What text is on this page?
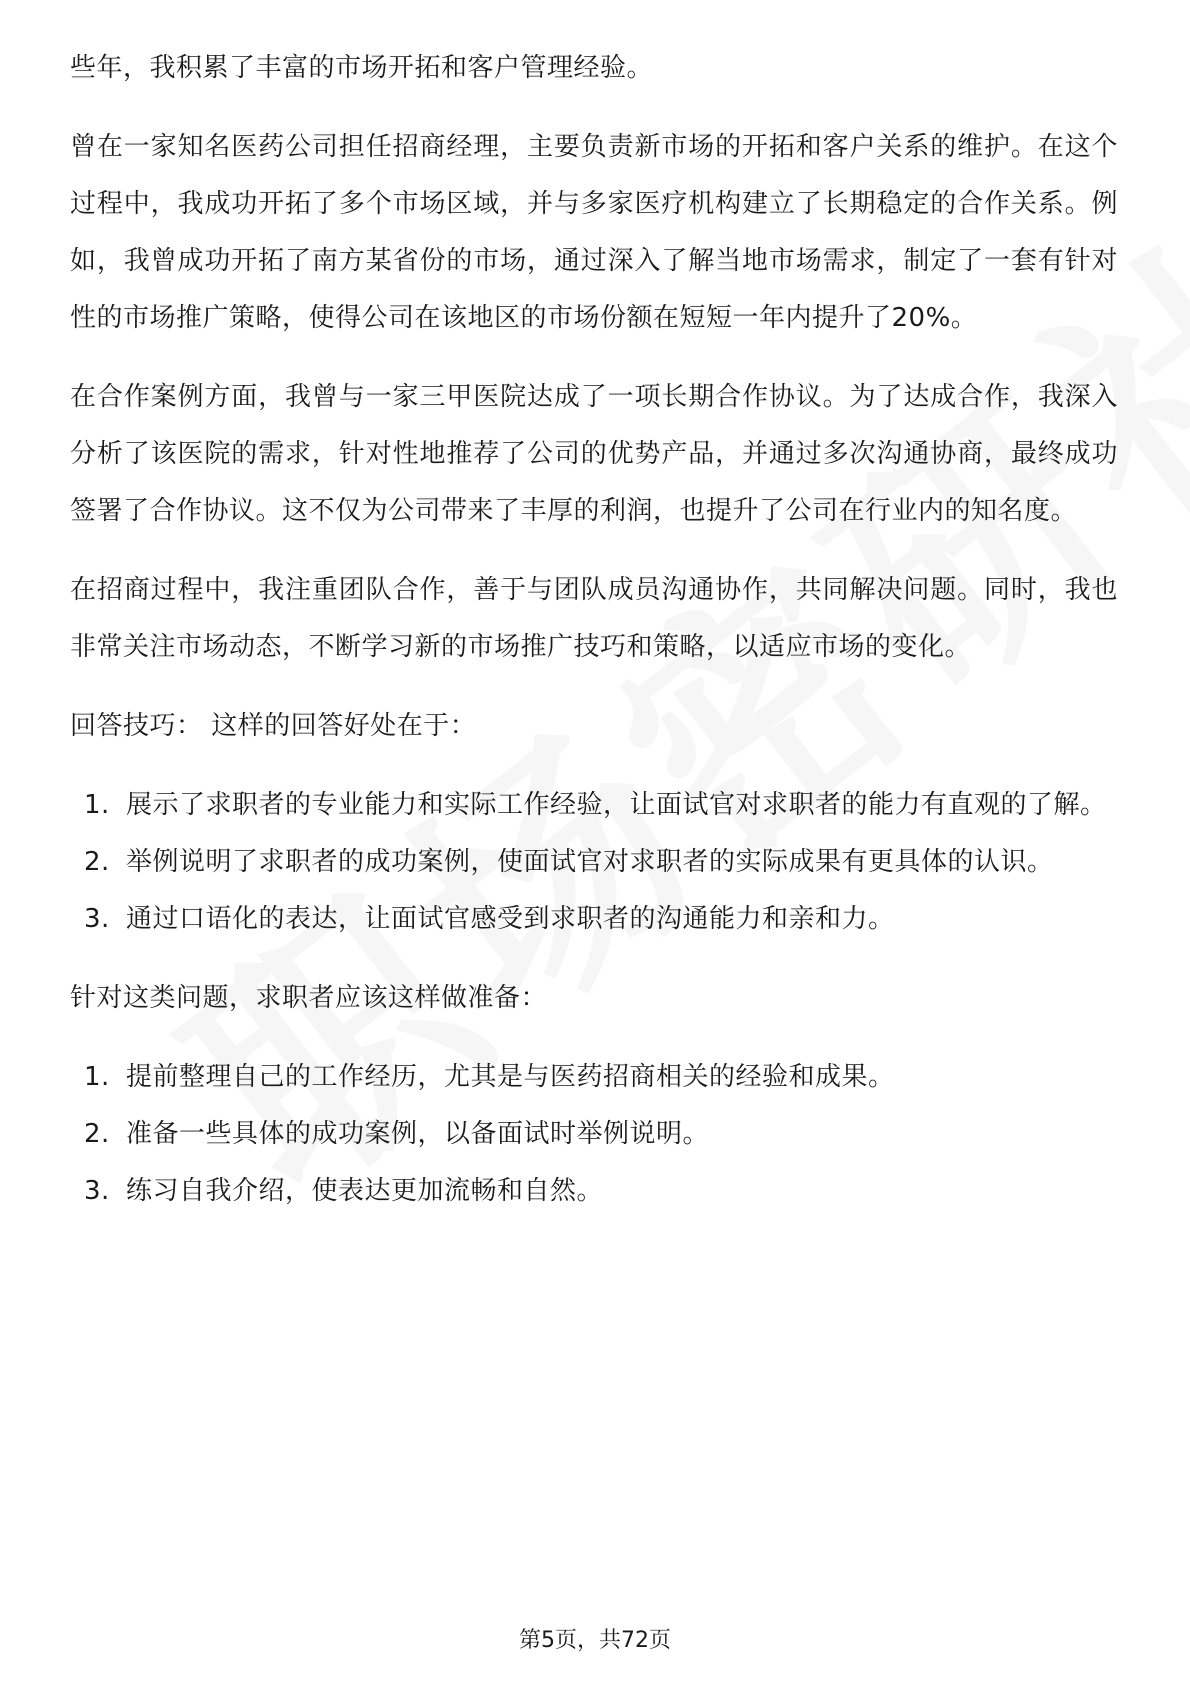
些年，我积累了丰富的市场开拓和客户管理经验。

曾在一家知名医药公司担任招商经理，主要负责新市场的开拓和客户关系的维护。在这个过程中，我成功开拓了多个市场区域，并与多家医疗机构建立了长期稳定的合作关系。例如，我曾成功开拓了南方某省份的市场，通过深入了解当地市场需求，制定了一套有针对性的市场推广策略，使得公司在该地区的市场份额在短短一年内提升了20%。

在合作案例方面，我曾与一家三甲医院达成了一项长期合作协议。为了达成合作，我深入分析了该医院的需求，针对性地推荐了公司的优势产品，并通过多次沟通协商，最终成功签署了合作协议。这不仅为公司带来了丰厚的利润，也提升了公司在行业内的知名度。

在招商过程中，我注重团队合作，善于与团队成员沟通协作，共同解决问题。同时，我也非常关注市场动态，不断学习新的市场推广技巧和策略，以适应市场的变化。

回答技巧： 这样的回答好处在于：

1. 展示了求职者的专业能力和实际工作经验，让面试官对求职者的能力有直观的了解。
2. 举例说明了求职者的成功案例，使面试官对求职者的实际成果有更具体的认识。
3. 通过口语化的表达，让面试官感受到求职者的沟通能力和亲和力。

针对这类问题，求职者应该这样做准备：

1. 提前整理自己的工作经历，尤其是与医药招商相关的经验和成果。
2. 准备一些具体的成功案例，以备面试时举例说明。
3. 练习自我介绍，使表达更加流畅和自然。
第5页，共72页
